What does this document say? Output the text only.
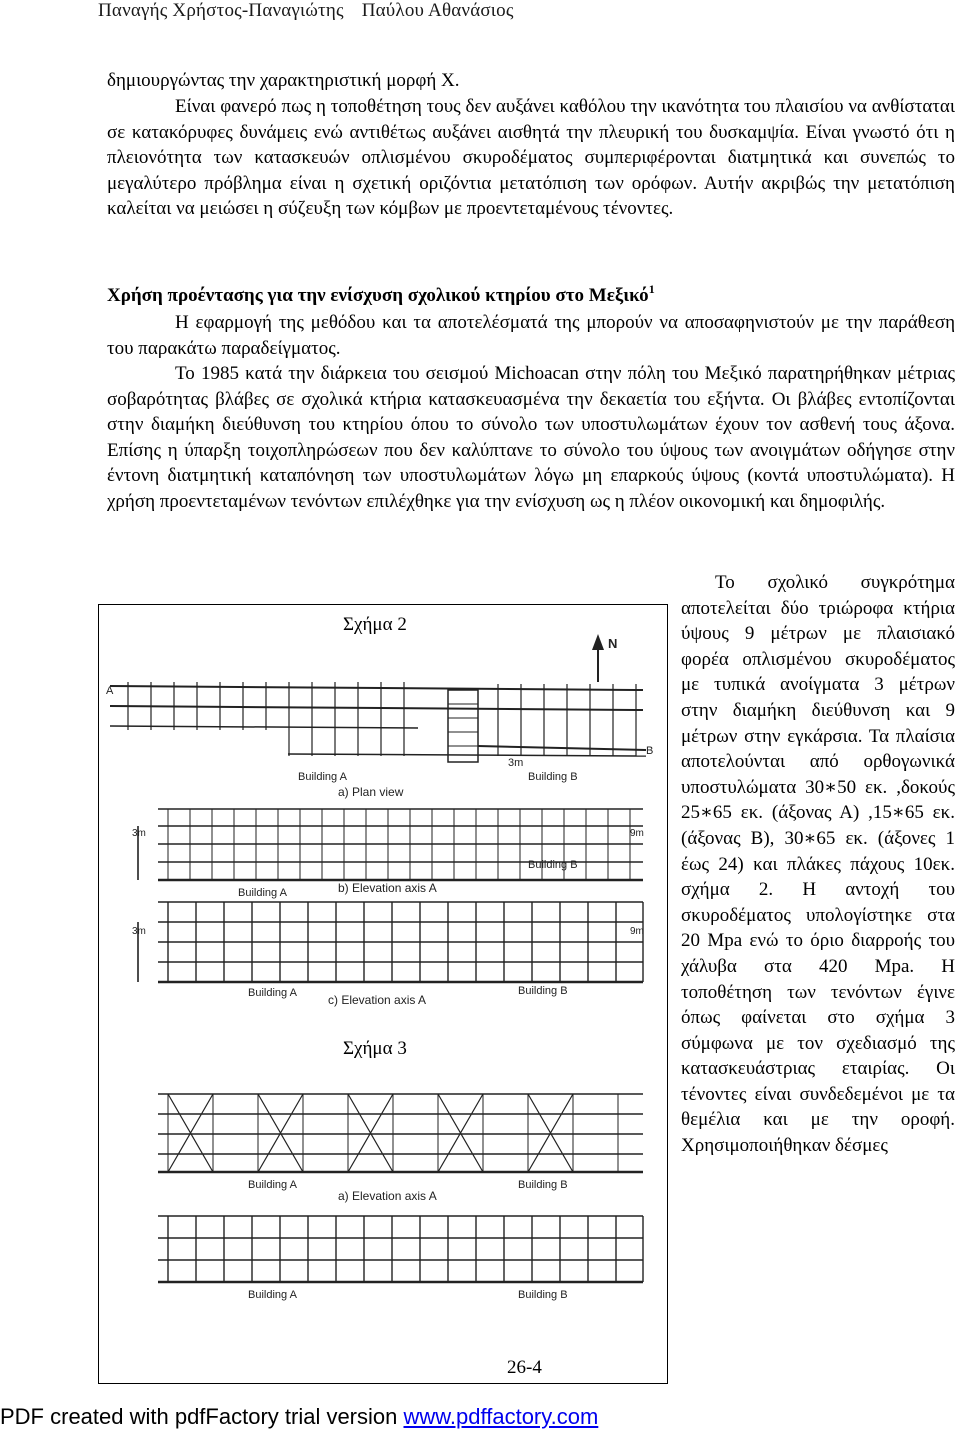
Παναγής Χρήστος-Παναγιώτης Παύλου Αθανάσιος

δημιουργώντας την χαρακτηριστική μορφή Χ.

Είναι φανερό πως η τοποθέτηση τους δεν αυξάνει καθόλου την ικανότητα του πλαισίου να ανθίσταται σε κατακόρυφες δυνάμεις ενώ αντιθέτως αυξάνει αισθητά την πλευρική του δυσκαμψία. Είναι γνωστό ότι η πλειονότητα των κατασκευών οπλισμένου σκυροδέματος συμπεριφέρονται διατμητικά και συνεπώς το μεγαλύτερο πρόβλημα είναι η σχετική οριζόντια μετατόπιση των ορόφων. Αυτήν ακριβώς την μετατόπιση καλείται να μειώσει η σύζευξη των κόμβων με προεντεταμένους τένοντες.

Χρήση προέντασης για την ενίσχυση σχολικού κτηρίου στο Μεξικό$^1$

Η εφαρμογή της μεθόδου και τα αποτελέσματά της μπορούν να αποσαφηνιστούν με την παράθεση του παρακάτω παραδείγματος.

Το 1985 κατά την διάρκεια του σεισμού Michoacan στην πόλη του Μεξικό παρατηρήθηκαν μέτριας σοβαρότητας βλάβες σε σχολικά κτήρια κατασκευασμένα την δεκαετία του εξήντα. Οι βλάβες εντοπίζονται στην διαμήκη διεύθυνση του κτηρίου όπου το σύνολο των υποστυλωμάτων έχουν τον ασθενή τους άξονα. Επίσης η ύπαρξη τοιχοπληρώσεων που δεν καλύπτανε το σύνολο του ύψους των ανοιγμάτων οδήγησε στην έντονη διατμητική καταπόνηση των υποστυλωμάτων λόγω μη επαρκούς ύψους (κοντά υποστυλώματα). Η χρήση προεντεταμένων τενόντων επιλέχθηκε για την ενίσχυση ως η πλέον οικονομική και δημοφιλής.

Το σχολικό συγκρότημα αποτελείται δύο τριώροφα κτήρια ύψους 9 μέτρων με πλαισιακό φορέα οπλισμένου σκυροδέματος με τυπικά ανοίγματα 3 μέτρων στην διαμήκη διεύθυνση και 9 μέτρων στην εγκάρσια. Τα πλαίσια αποτελούνται από ορθογωνικά υποστυλώματα 30∗50 εκ. ,δοκούς 25∗65 εκ. (άξονας Α) ,15∗65 εκ. (άξονας Β), 30∗65 εκ. (άξονες 1 έως 24) και πλάκες πάχους 10εκ. σχήμα 2. Η αντοχή του σκυροδέματος υπολογίστηκε στα 20 Mpa ενώ το όριο διαρροής του χάλυβα στα 420 Mpa. Η τοποθέτηση των τενόντων έγινε όπως φαίνεται στο σχήμα 3 σύμφωνα με τον σχεδιασμό της κατασκευάστριας εταιρίας. Οι τένοντες είναι συνδεδεμένοι με τα θεμέλια και με την οροφή. Χρησιμοποιήθηκαν δέσμες

N
A
B
3m
Building A	Building B
a) Plan view
3m	9m
Building A
Building B
b) Elevation axis A
3m	9m
Building A	Building B
c) Elevation axis A
Building A	Building B
a) Elevation axis A
Building A	Building B
Σχήμα 2
Σχήμα 3
26-4
PDF created with pdfFactory trial version www.pdffactory.com
